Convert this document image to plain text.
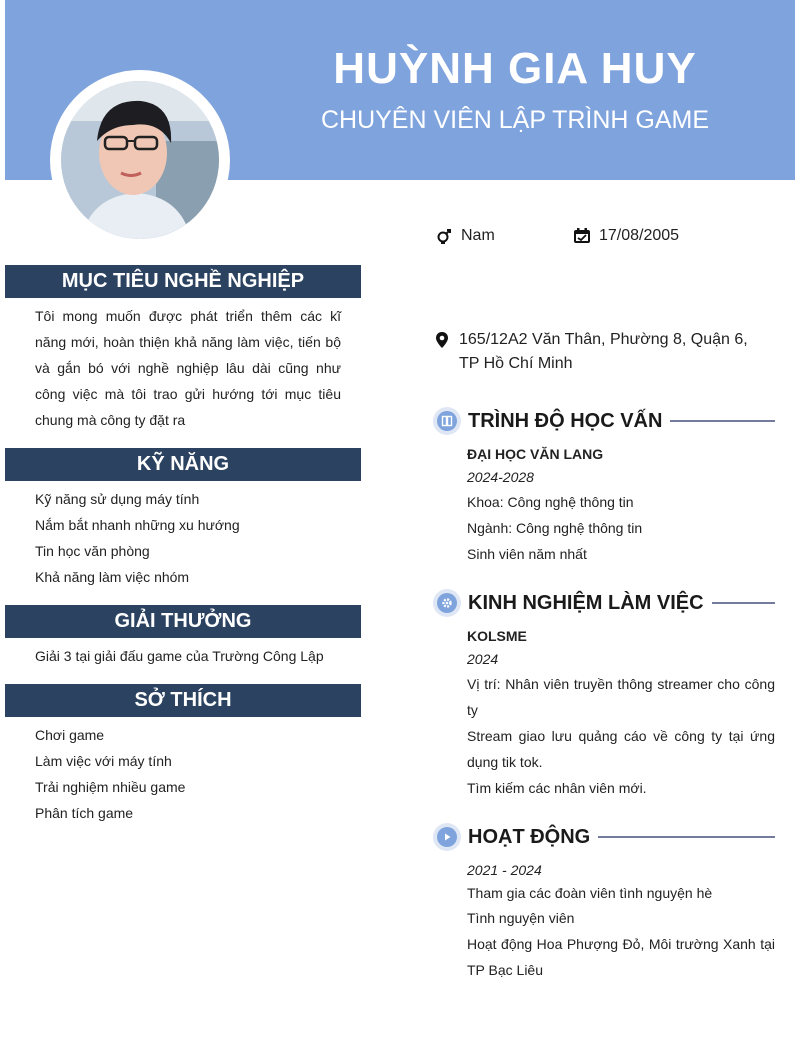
HUỲNH GIA HUY
CHUYÊN VIÊN LẬP TRÌNH GAME
Nam	17/08/2005
165/12A2 Văn Thân, Phường 8, Quận 6, TP Hồ Chí Minh
MỤC TIÊU NGHỀ NGHIỆP
Tôi mong muốn được phát triển thêm các kĩ năng mới, hoàn thiện khả năng làm việc, tiến bộ và gắn bó với nghề nghiệp lâu dài cũng như công việc mà tôi trao gửi hướng tới mục tiêu chung mà công ty đặt ra
KỸ NĂNG
Kỹ năng sử dụng máy tính
Nắm bắt nhanh những xu hướng
Tin học văn phòng
Khả năng làm việc nhóm
GIẢI THƯỞNG
Giải 3 tại giải đấu game của Trường Công Lập
SỞ THÍCH
Chơi game
Làm việc với máy tính
Trải nghiệm nhiều game
Phân tích game
TRÌNH ĐỘ HỌC VẤN
ĐẠI HỌC VĂN LANG
2024-2028
Khoa: Công nghệ thông tin
Ngành: Công nghệ thông tin
Sinh viên năm nhất
KINH NGHIỆM LÀM VIỆC
KOLSME
2024
Vị trí: Nhân viên truyền thông streamer cho công ty
Stream giao lưu quảng cáo về công ty tại ứng dụng tik tok.
Tìm kiếm các nhân viên mới.
HOẠT ĐỘNG
2021 - 2024
Tham gia các đoàn viên tình nguyện hè
Tình nguyện viên
Hoạt động Hoa Phượng Đỏ, Môi trường Xanh tại TP Bạc Liêu
